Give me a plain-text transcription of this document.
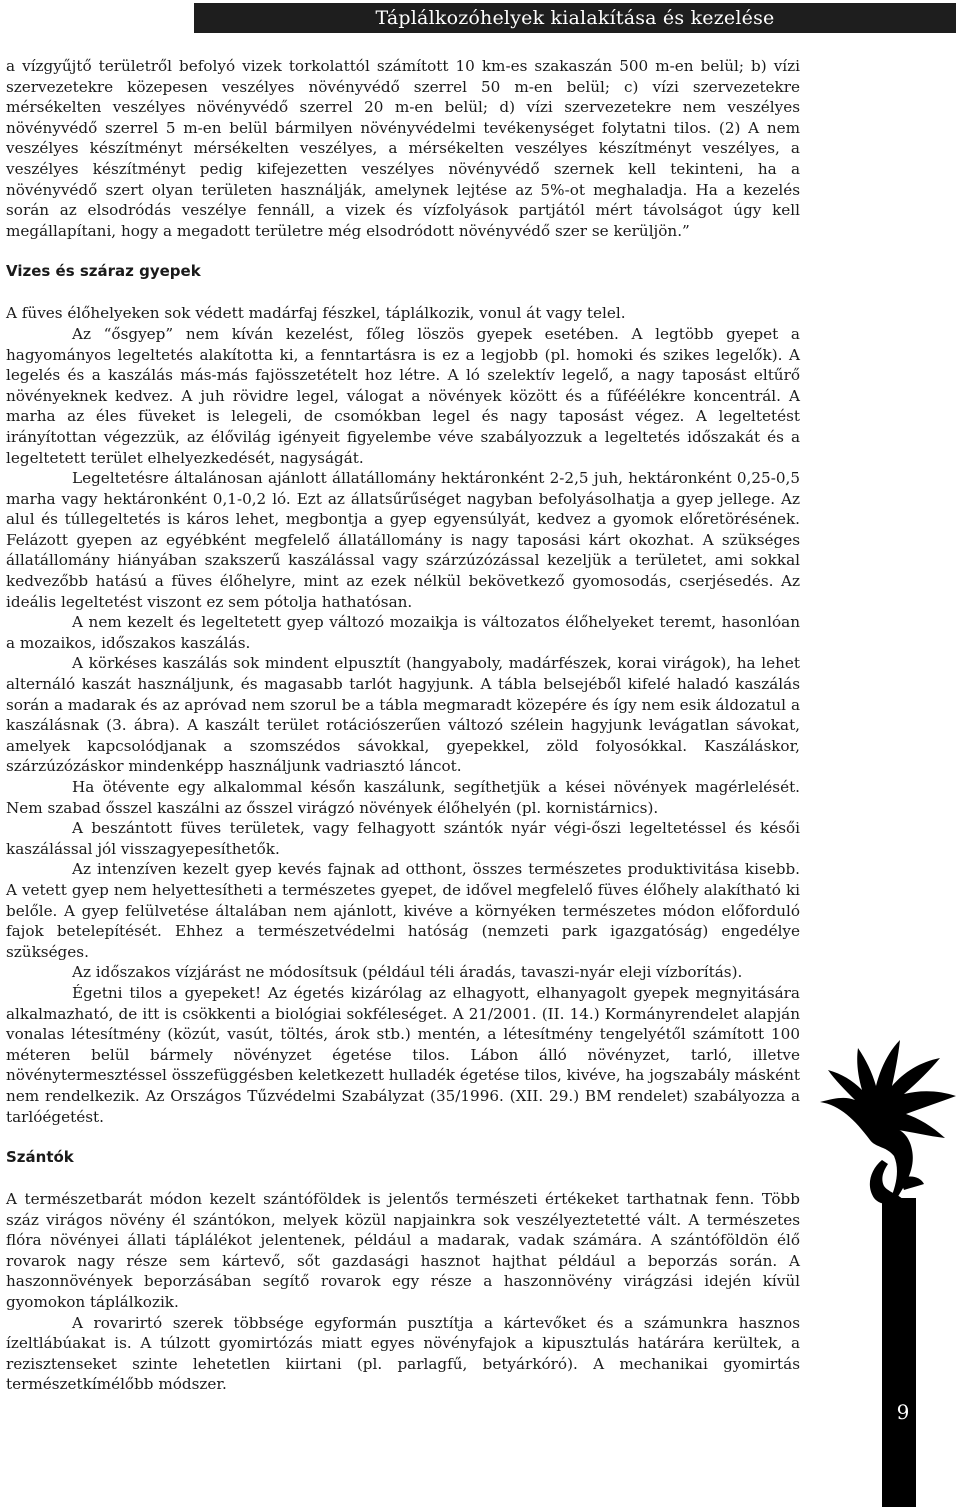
Táplálkozóhelyek kialakítása és kezelése

a vízgyűjtő területről befolyó vizek torkolattól számított 10 km-es szakaszán 500 m-en belül; b) vízi szervezetekre közepesen veszélyes növényvédő szerrel 50 m-en belül; c) vízi szervezetekre mérsékelten veszélyes növényvédő szerrel 20 m-en belül; d) vízi szervezetekre nem veszélyes növényvédő szerrel 5 m-en belül bármilyen növényvédelmi tevékenységet folytatni tilos. (2) A nem veszélyes készítményt mérsékelten veszélyes, a mérsékelten veszélyes készítményt veszélyes, a veszélyes készítményt pedig kifejezetten veszélyes növényvédő szernek kell tekinteni, ha a növényvédő szert olyan területen használják, amelynek lejtése az 5%-ot meghaladja. Ha a kezelés során az elsodródás veszélye fennáll, a vizek és vízfolyások partjától mért távolságot úgy kell megállapítani, hogy a megadott területre még elsodródott növényvédő szer se kerüljön.”

Vizes és száraz gyepek

A füves élőhelyeken sok védett madárfaj fészkel, táplálkozik, vonul át vagy telel.

Az “ősgyep” nem kíván kezelést, főleg löszös gyepek esetében. A legtöbb gyepet a hagyományos legeltetés alakította ki, a fenntartásra is ez a legjobb (pl. homoki és szikes legelők). A legelés és a kaszálás más-más fajösszetételt hoz létre. A ló szelektív legelő, a nagy taposást eltűrő növényeknek kedvez. A juh rövidre legel, válogat a növények között és a fűféélékre koncentrál. A marha az éles füveket is lelegeli, de csomókban legel és nagy taposást végez. A legeltetést irányítottan végezzük, az élővilág igényeit figyelembe véve szabályozzuk a legeltetés időszakát és a legeltetett terület elhelyezkedését, nagyságát.

Legeltetésre általánosan ajánlott állatállomány hektáronként 2-2,5 juh, hektáronként 0,25-0,5 marha vagy hektáronként 0,1-0,2 ló. Ezt az állatsűrűséget nagyban befolyásolhatja a gyep jellege. Az alul és túllegeltetés is káros lehet, megbontja a gyep egyensúlyát, kedvez a gyomok előretörésének. Felázott gyepen az egyébként megfelelő állatállomány is nagy taposási kárt okozhat. A szükséges állatállomány hiányában szakszerű kaszálással vagy szárzúzózással kezeljük a területet, ami sokkal kedvezőbb hatású a füves élőhelyre, mint az ezek nélkül bekövetkező gyomosodás, cserjésedés. Az ideális legeltetést viszont ez sem pótolja hathatósan.

A nem kezelt és legeltetett gyep változó mozaikja is változatos élőhelyeket teremt, hasonlóan a mozaikos, időszakos kaszálás.

A körkéses kaszálás sok mindent elpusztít (hangyaboly, madárfészek, korai virágok), ha lehet alternáló kaszát használjunk, és magasabb tarlót hagyjunk. A tábla belsejéből kifelé haladó kaszálás során a madarak és az apróvad nem szorul be a tábla megmaradt közepére és így nem esik áldozatul a kaszálásnak (3. ábra). A kaszált terület rotációszerűen változó szélein hagyjunk levágatlan sávokat, amelyek kapcsolódjanak a szomszédos sávokkal, gyepekkel, zöld folyosókkal. Kaszáláskor, szárzúzózáskor mindenképp használjunk vadriasztó láncot.

Ha ötévente egy alkalommal későn kaszálunk, segíthetjük a kései növények magérlelését. Nem szabad ősszel kaszálni az ősszel virágzó növények élőhelyén (pl. kornistárnics).

A beszántott füves területek, vagy felhagyott szántók nyár végi-őszi legeltetéssel és késői kaszálással jól visszagyepesíthetők.

Az intenzíven kezelt gyep kevés fajnak ad otthont, összes természetes produktivitása kisebb. A vetett gyep nem helyettesítheti a természetes gyepet, de idővel megfelelő füves élőhely alakítható ki belőle. A gyep felülvetése általában nem ajánlott, kivéve a környéken természetes módon előforduló fajok betelepítését. Ehhez a természetvédelmi hatóság (nemzeti park igazgatóság) engedélye szükséges.

Az időszakos vízjárást ne módosítsuk (például téli áradás, tavaszi-nyár eleji vízborítás).

Égetni tilos a gyepeket! Az égetés kizárólag az elhagyott, elhanyagolt gyepek megnyitására alkalmazható, de itt is csökkenti a biológiai sokféleséget. A 21/2001. (II. 14.) Kormányrendelet alapján vonalas létesítmény (közút, vasút, töltés, árok stb.) mentén, a létesítmény tengelyétől számított 100 méteren belül bármely növényzet égetése tilos. Lábon álló növényzet, tarló, illetve növénytermesztéssel összefüggésben keletkezett hulladék égetése tilos, kivéve, ha jogszabály másként nem rendelkezik. Az Országos Tűzvédelmi Szabályzat (35/1996. (XII. 29.) BM rendelet) szabályozza a tarlóégetést.

Szántók

A természetbarát módon kezelt szántóföldek is jelentős természeti értékeket tarthatnak fenn. Több száz virágos növény él szántókon, melyek közül napjainkra sok veszélyeztetetté vált. A természetes flóra növényei állati táplálékot jelentenek, például a madarak, vadak számára. A szántóföldön élő rovarok nagy része sem kártevő, sőt gazdasági hasznot hajthat például a beporzás során. A haszonnövények beporzásában segítő rovarok egy része a haszonnövény virágzási idején kívül gyomokon táplálkozik.

A rovarirtó szerek többsége egyformán pusztítja a kártevőket és a számunkra hasznos ízeltlábúakat is. A túlzott gyomirtózás miatt egyes növényfajok a kipusztulás határára kerültek, a rezisztenseket szinte lehetetlen kiirtani (pl. parlagfű, betyárkóró). A mechanikai gyomirtás természetkímélőbb módszer.

9
